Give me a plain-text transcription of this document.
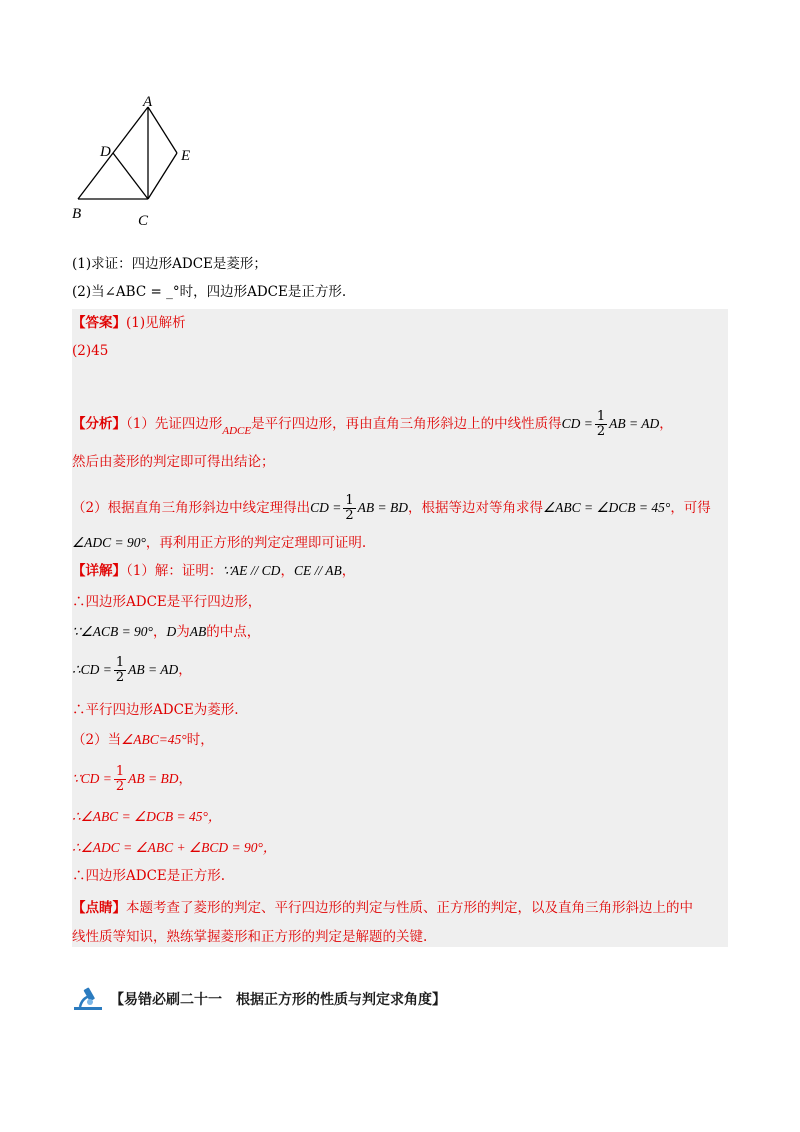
A
B	C
D	E
(1)求证：四边形ADCE是菱形；
(2)当∠ABC = _°时，四边形ADCE是正方形.
【答案】(1)见解析
(2)45
【分析】（1）先证四边形$_{ADCE}$是平行四边形，再由直角三角形斜边上的中线性质得CD = $\frac{1}{2}$ AB = AD，
然后由菱形的判定即可得出结论；
（2）根据直角三角形斜边中线定理得出CD = $\frac{1}{2}$ AB = BD，根据等边对等角求得∠ABC = ∠DCB = 45°，可得
∠ADC = 90°，再利用正方形的判定定理即可证明.
【详解】（1）解：证明：∵AE // CD，CE // AB，
∴四边形ADCE是平行四边形，
∵∠ACB = 90°，D为AB的中点，
∴CD = $\frac{1}{2}$ AB = AD，
∴平行四边形ADCE为菱形.
（2）当∠ABC=45°时，
∵CD = $\frac{1}{2}$ AB = BD，
∴∠ABC = ∠DCB = 45°，
∴∠ADC = ∠ABC + ∠BCD = 90°，
∴四边形ADCE是正方形.
【点睛】本题考查了菱形的判定、平行四边形的判定与性质、正方形的判定，以及直角三角形斜边上的中
线性质等知识，熟练掌握菱形和正方形的判定是解题的关键.
【易错必刷二十一　根据正方形的性质与判定求角度】
